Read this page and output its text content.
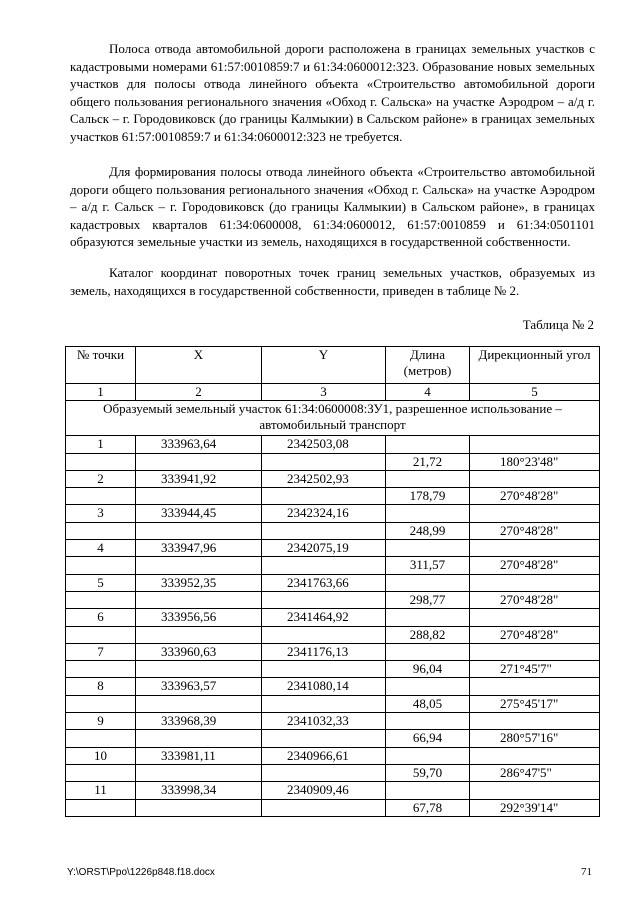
Полоса отвода автомобильной дороги расположена в границах земельных участков с кадастровыми номерами 61:57:0010859:7 и 61:34:0600012:323. Образование новых земельных участков для полосы отвода линейного объекта «Строительство автомобильной дороги общего пользования регионального значения «Обход г. Сальска» на участке Аэродром – а/д г. Сальск – г. Городовиковск (до границы Калмыкии) в Сальском районе» в границах земельных участков 61:57:0010859:7 и 61:34:0600012:323 не требуется.

Для формирования полосы отвода линейного объекта «Строительство автомобильной дороги общего пользования регионального значения «Обход г. Сальска» на участке Аэродром – а/д г. Сальск – г. Городовиковск (до границы Калмыкии) в Сальском районе», в границах кадастровых кварталов 61:34:0600008, 61:34:0600012, 61:57:0010859 и 61:34:0501101 образуются земельные участки из земель, находящихся в государственной собственности.

Каталог координат поворотных точек границ земельных участков, образуемых из земель, находящихся в государственной собственности, приведен в таблице № 2.

Таблица № 2
№ точки	X	Y	Длина (метров)	Дирекционный угол
1	2	3	4	5
Образуемый земельный участок 61:34:0600008:ЗУ1, разрешенное использование – автомобильный транспорт				
1	333963,64	2342503,08		
			21,72	180°23'48"
2	333941,92	2342502,93		
			178,79	270°48'28"
3	333944,45	2342324,16		
			248,99	270°48'28"
4	333947,96	2342075,19		
			311,57	270°48'28"
5	333952,35	2341763,66		
			298,77	270°48'28"
6	333956,56	2341464,92		
			288,82	270°48'28"
7	333960,63	2341176,13		
			96,04	271°45'7"
8	333963,57	2341080,14		
			48,05	275°45'17"
9	333968,39	2341032,33		
			66,94	280°57'16"
10	333981,11	2340966,61		
			59,70	286°47'5"
11	333998,34	2340909,46		
			67,78	292°39'14"
Y:\ORST\Ppo\1226p848.f18.docx	71
